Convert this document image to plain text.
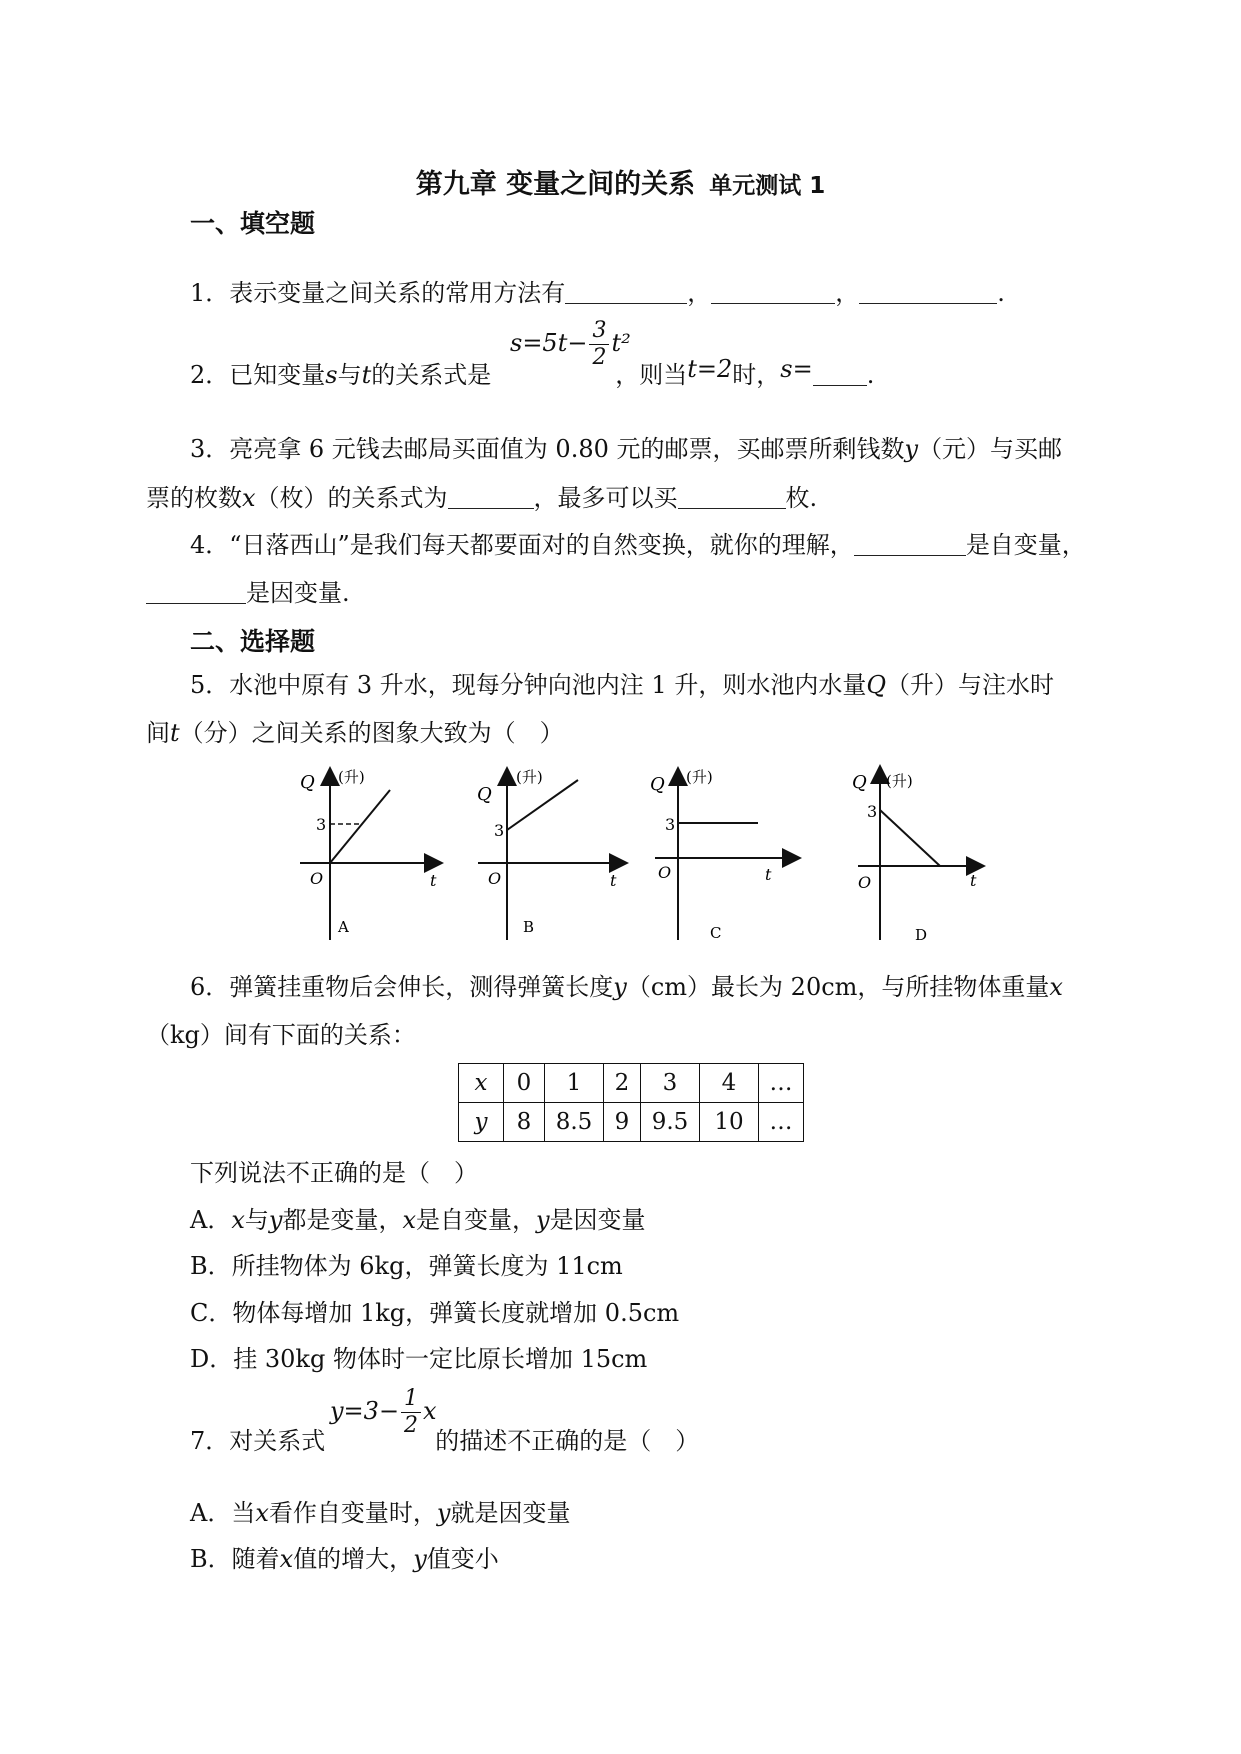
第九章 变量之间的关系 单元测试 1
一、填空题
1．表示变量之间关系的常用方法有	，	，	.
$s=5t- \frac{3}{2} t^2$
2．已知变量s与t的关系式是	，则当t=2时，s= .
3．亮亮拿 6 元钱去邮局买面值为 0.80 元的邮票，买邮票所剩钱数y（元）与买邮
票的枚数x（枚）的关系式为	，最多可以买	枚.
4．“日落西山”是我们每天都要面对的自然变换，就你的理解，	是自变量，
是因变量.
二、选择题
5．水池中原有 3 升水，现每分钟向池内注 1 升，则水池内水量Q（升）与注水时
间t（分）之间关系的图象大致为（　）
Q (升)
3
O	t
A
Q
(升)
3
O	t
B
Q (升)
3
O	t
C
Q (升)
3
O	t
D
6．弹簧挂重物后会伸长，测得弹簧长度y（cm）最长为 20cm，与所挂物体重量x
（kg）间有下面的关系：
x	0	1	2	3	4	…
y	8	8.5	9	9.5	10	…
下列说法不正确的是（　）
A．x与y都是变量，x是自变量，y是因变量
B．所挂物体为 6kg，弹簧长度为 11cm
C．物体每增加 1kg，弹簧长度就增加 0.5cm
D．挂 30kg 物体时一定比原长增加 15cm
$y=3- \frac{1}{2}$ x
7．对关系式	的描述不正确的是（　）
A．当x看作自变量时，y就是因变量
B．随着x值的增大，y值变小
